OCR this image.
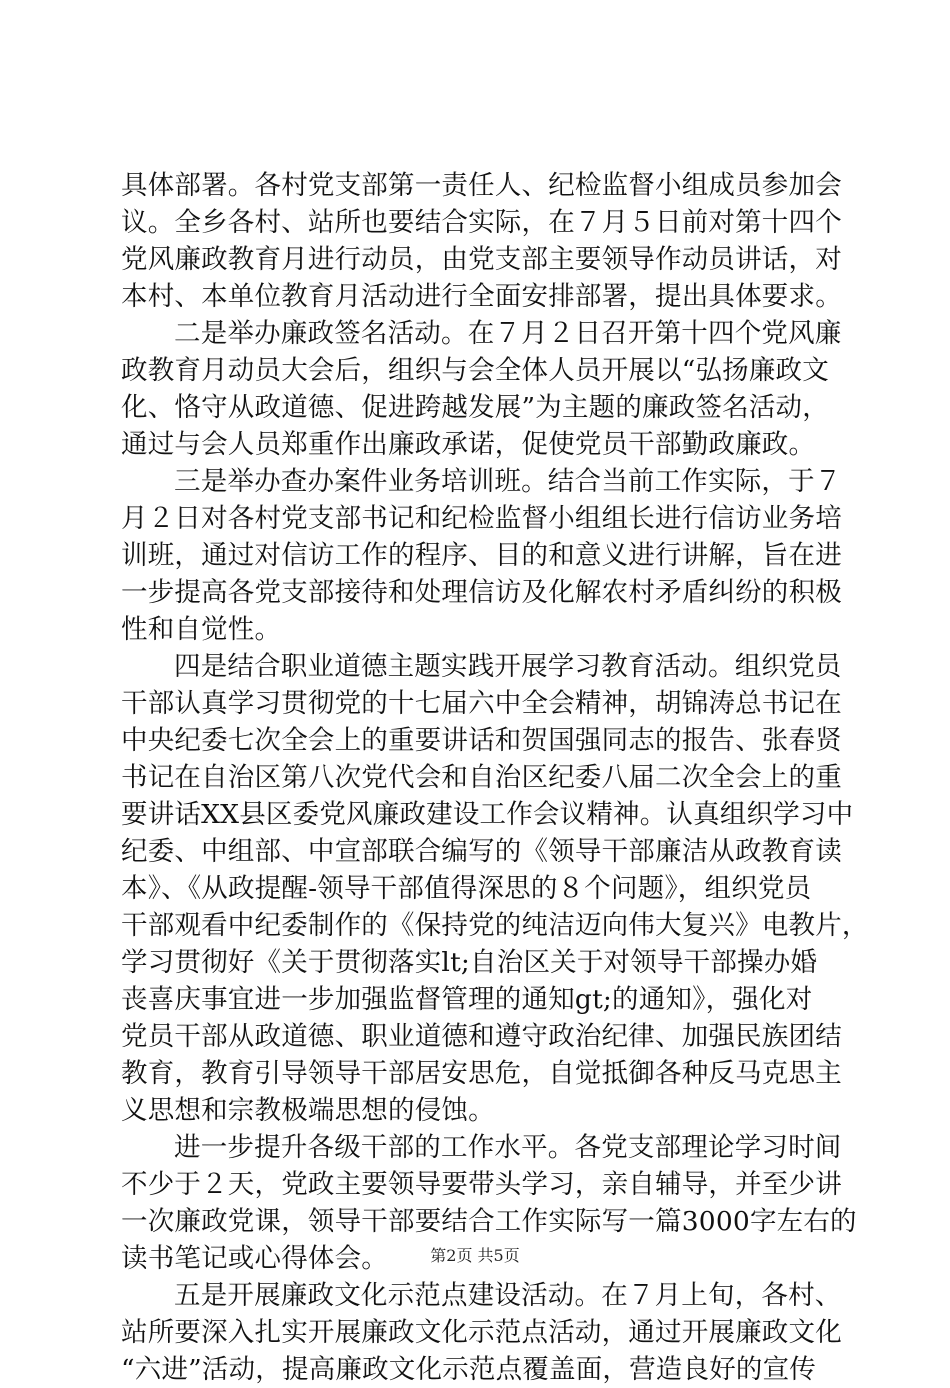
具体部署。各村党支部第一责任人、纪检监督小组成员参加会
议。全乡各村、站所也要结合实际，在７月５日前对第十四个
党风廉政教育月进行动员，由党支部主要领导作动员讲话，对
本村、本单位教育月活动进行全面安排部署，提出具体要求。
二是举办廉政签名活动。在７月２日召开第十四个党风廉
政教育月动员大会后，组织与会全体人员开展以“弘扬廉政文
化、恪守从政道德、促进跨越发展”为主题的廉政签名活动，
通过与会人员郑重作出廉政承诺，促使党员干部勤政廉政。
三是举办查办案件业务培训班。结合当前工作实际，于７
月２日对各村党支部书记和纪检监督小组组长进行信访业务培
训班，通过对信访工作的程序、目的和意义进行讲解，旨在进
一步提高各党支部接待和处理信访及化解农村矛盾纠纷的积极
性和自觉性。
四是结合职业道德主题实践开展学习教育活动。组织党员
干部认真学习贯彻党的十七届六中全会精神，胡锦涛总书记在
中央纪委七次全会上的重要讲话和贺国强同志的报告、张春贤
书记在自治区第八次党代会和自治区纪委八届二次全会上的重
要讲话XX县区委党风廉政建设工作会议精神。认真组织学习中
纪委、中组部、中宣部联合编写的《领导干部廉洁从政教育读
本》、《从政提醒-领导干部值得深思的８个问题》，组织党员
干部观看中纪委制作的《保持党的纯洁迈向伟大复兴》电教片，
学习贯彻好《关于贯彻落实lt;自治区关于对领导干部操办婚
丧喜庆事宜进一步加强监督管理的通知gt;的通知》，强化对
党员干部从政道德、职业道德和遵守政治纪律、加强民族团结
教育，教育引导领导干部居安思危，自觉抵御各种反马克思主
义思想和宗教极端思想的侵蚀。
进一步提升各级干部的工作水平。各党支部理论学习时间
不少于２天，党政主要领导要带头学习，亲自辅导，并至少讲
一次廉政党课，领导干部要结合工作实际写一篇3000字左右的
读书笔记或心得体会。
五是开展廉政文化示范点建设活动。在７月上旬，各村、
站所要深入扎实开展廉政文化示范点活动，通过开展廉政文化
“六进”活动，提高廉政文化示范点覆盖面，营造良好的宣传
第2页 共5页
